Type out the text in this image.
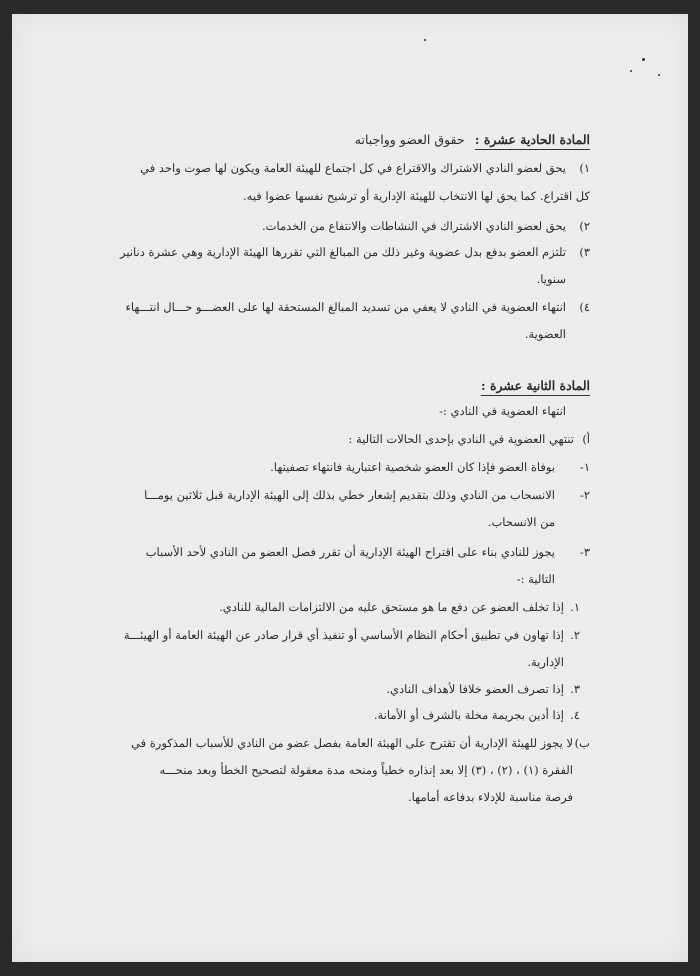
المادة الحادية عشرة : حقوق العضو وواجباته
١)
يحق لعضو النادي الاشتراك والاقتراع في كل اجتماع للهيئة العامة ويكون لها صوت واحد في
كل اقتراع. كما يحق لها الانتخاب للهيئة الإدارية أو ترشيح نفسها عضوا فيه.
٢)
يحق لعضو النادي الاشتراك في النشاطات والانتفاع من الخدمات.
٣)
تلتزم العضو بدفع بدل عضوية وغير ذلك من المبالغ التي تقررها الهيئة الإدارية وهي عشرة دنانير
سنويا.
٤)
انتهاء العضوية في النادي لا يعفي من تسديد المبالغ المستحقة لها على العضـــو حـــال انتـــهاء
العضوية.
المادة الثانية عشرة :
انتهاء العضوية في النادي :-
أ)
تنتهي العضوية في النادي بإحدى الحالات التالية :
١-
بوفاة العضو فإذا كان العضو شخصية اعتبارية فانتهاء تصفيتها.
٢-
الانسحاب من النادي وذلك بتقديم إشعار خطي بذلك إلى الهيئة الإدارية قبل ثلاثين يومـــا
من الانسحاب.
٣-
يجوز للنادي بناء على اقتراح الهيئة الإدارية أن تقرر فصل العضو من النادي لأحد الأسباب
التالية :-
١.
إذا تخلف العضو عن دفع ما هو مستحق عليه من الالتزامات المالية للنادي.
٢.
إذا تهاون في تطبيق أحكام النظام الأساسي أو تنفيذ أي قرار صادر عن الهيئة العامة أو الهيئـــة
الإدارية.
٣.
إذا تصرف العضو خلافا لأهداف النادي.
٤.
إذا أدين بجريمة مخلة بالشرف أو الأمانة.
ب)
لا يجوز للهيئة الإدارية أن تقترح على الهيئة العامة بفصل عضو من النادي للأسباب المذكورة في
الفقرة (١) ، (٢) ، (٣) إلا بعد إنذاره خطياً ومنحه مدة معقولة لتصحيح الخطأ وبعد منحـــه
فرصة مناسبة للإدلاء بدفاعه أمامها.
